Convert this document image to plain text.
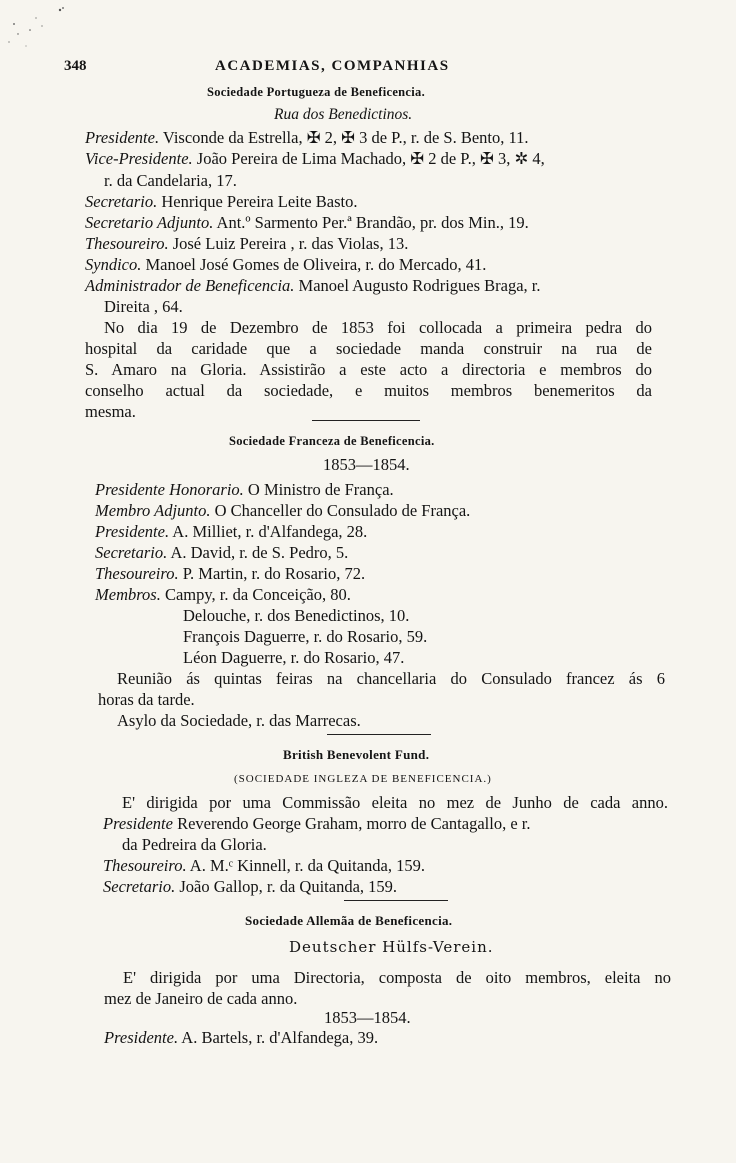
348	ACADEMIAS, COMPANHIAS
Sociedade Portugueza de Beneficencia.
Rua dos Benedictinos.
Presidente. Visconde da Estrella, ✠ 2, ✠ 3 de P., r. de S. Bento, 11.
Vice-Presidente. João Pereira de Lima Machado, ✠ 2 de P., ✠ 3, ✲ 4,
r. da Candelaria, 17.
Secretario. Henrique Pereira Leite Basto.
Secretario Adjunto. Ant.º Sarmento Per.ª Brandão, pr. dos Min., 19.
Thesoureiro. José Luiz Pereira , r. das Violas, 13.
Syndico. Manoel José Gomes de Oliveira, r. do Mercado, 41.
Administrador de Beneficencia. Manoel Augusto Rodrigues Braga, r.
Direita , 64.
No dia 19 de Dezembro de 1853 foi collocada a primeira pedra do
hospital da caridade que a sociedade manda construir na rua de
S. Amaro na Gloria. Assistirão a este acto a directoria e membros do
conselho actual da sociedade, e muitos membros benemeritos da
mesma.
Sociedade Franceza de Beneficencia.
1853—1854.
Presidente Honorario. O Ministro de França.
Membro Adjunto. O Chanceller do Consulado de França.
Presidente. A. Milliet, r. d'Alfandega, 28.
Secretario. A. David, r. de S. Pedro, 5.
Thesoureiro. P. Martin, r. do Rosario, 72.
Membros. Campy, r. da Conceição, 80.
Delouche, r. dos Benedictinos, 10.
François Daguerre, r. do Rosario, 59.
Léon Daguerre, r. do Rosario, 47.
Reunião ás quintas feiras na chancellaria do Consulado francez ás 6
horas da tarde.
Asylo da Sociedade, r. das Marrecas.
British Benevolent Fund.
(SOCIEDADE INGLEZA DE BENEFICENCIA.)
E' dirigida por uma Commissão eleita no mez de Junho de cada anno.
Presidente Reverendo George Graham, morro de Cantagallo, e r.
da Pedreira da Gloria.
Thesoureiro. A. M.ᶜ Kinnell, r. da Quitanda, 159.
Secretario. João Gallop, r. da Quitanda, 159.
Sociedade Allemãa de Beneficencia.
Deutscher Hülfs-Verein.
E' dirigida por uma Directoria, composta de oito membros, eleita no
mez de Janeiro de cada anno.
1853—1854.
Presidente. A. Bartels, r. d'Alfandega, 39.
